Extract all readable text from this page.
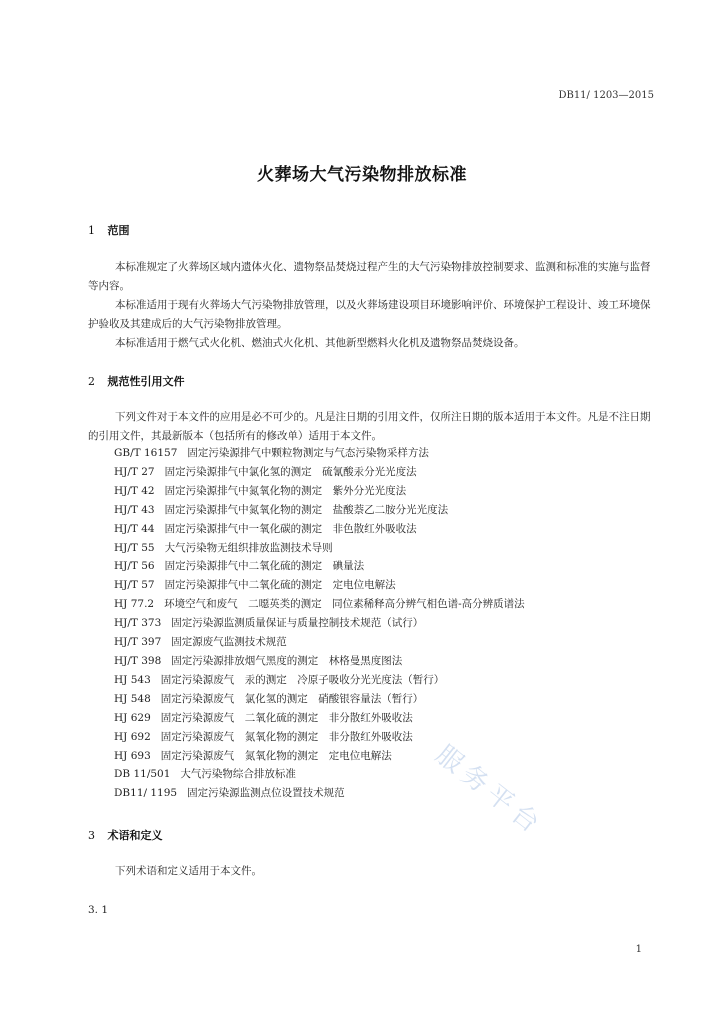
DB11/ 1203—2015
火葬场大气污染物排放标准
1 范围

本标准规定了火葬场区域内遗体火化、遗物祭品焚烧过程产生的大气污染物排放控制要求、监测和标准的实施与监督等内容。

本标准适用于现有火葬场大气污染物排放管理，以及火葬场建设项目环境影响评价、环境保护工程设计、竣工环境保护验收及其建成后的大气污染物排放管理。

本标准适用于燃气式火化机、燃油式火化机、其他新型燃料火化机及遗物祭品焚烧设备。

2 规范性引用文件

下列文件对于本文件的应用是必不可少的。凡是注日期的引用文件，仅所注日期的版本适用于本文件。凡是不注日期的引用文件，其最新版本（包括所有的修改单）适用于本文件。

GB/T 16157 固定污染源排气中颗粒物测定与气态污染物采样方法
HJ/T 27 固定污染源排气中氯化氢的测定　硫氰酸汞分光光度法
HJ/T 42 固定污染源排气中氮氧化物的测定　紫外分光光度法
HJ/T 43 固定污染源排气中氮氧化物的测定　盐酸萘乙二胺分光光度法
HJ/T 44 固定污染源排气中一氧化碳的测定　非色散红外吸收法
HJ/T 55 大气污染物无组织排放监测技术导则
HJ/T 56 固定污染源排气中二氧化硫的测定　碘量法
HJ/T 57 固定污染源排气中二氧化硫的测定　定电位电解法
HJ 77.2 环境空气和废气　二噁英类的测定　同位素稀释高分辨气相色谱-高分辨质谱法
HJ/T 373 固定污染源监测质量保证与质量控制技术规范（试行）
HJ/T 397 固定源废气监测技术规范
HJ/T 398 固定污染源排放烟气黑度的测定　林格曼黑度图法
HJ 543 固定污染源废气　汞的测定　冷原子吸收分光光度法（暂行）
HJ 548 固定污染源废气　氯化氢的测定　硝酸银容量法（暂行）
HJ 629 固定污染源废气　二氧化硫的测定　非分散红外吸收法
HJ 692 固定污染源废气　氮氧化物的测定　非分散红外吸收法
HJ 693 固定污染源废气　氮氧化物的测定　定电位电解法
DB 11/501 大气污染物综合排放标准
DB11/ 1195 固定污染源监测点位设置技术规范
3 术语和定义

下列术语和定义适用于本文件。

3. 1
1
服务平台
